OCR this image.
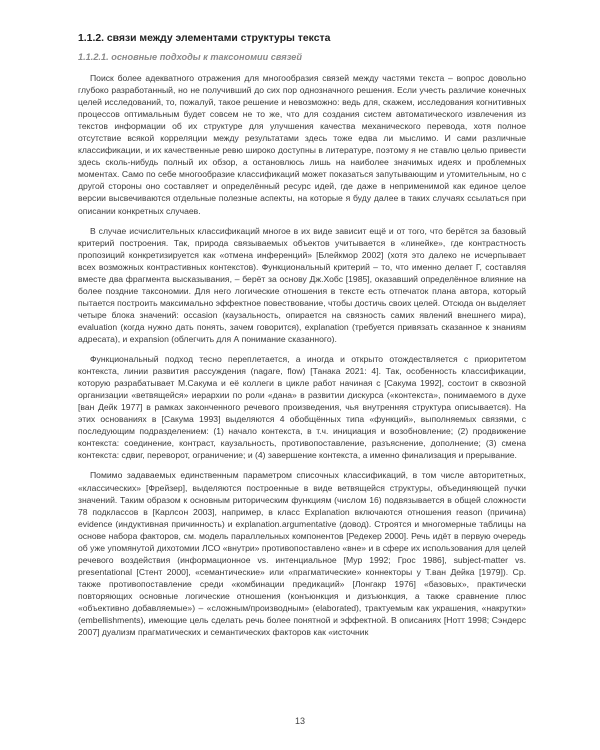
1.1.2. связи между элементами структуры текста
1.1.2.1. основные подходы к таксономии связей

Поиск более адекватного отражения для многообразия связей между частями текста – вопрос довольно глубоко разработанный, но не получивший до сих пор однозначного решения. Если учесть различие конечных целей исследований, то, пожалуй, такое решение и невозможно: ведь для, скажем, исследования когнитивных процессов оптимальным будет совсем не то же, что для создания систем автоматического извлечения из текстов информации об их структуре для улучшения качества механического перевода, хотя полное отсутствие всякой корреляции между результатами здесь тоже едва ли мыслимо. И сами различные классификации, и их качественные ревю широко доступны в литературе, поэтому я не ставлю целью привести здесь сколь-нибудь полный их обзор, а остановлюсь лишь на наиболее значимых идеях и проблемных моментах. Само по себе многообразие классификаций может показаться запутывающим и утомительным, но с другой стороны оно составляет и определённый ресурс идей, где даже в неприменимой как единое целое версии высвечиваются отдельные полезные аспекты, на которые я буду далее в таких случаях ссылаться при описании конкретных случаев.

В случае исчислительных классификаций многое в их виде зависит ещё и от того, что берётся за базовый критерий построения. Так, природа связываемых объектов учитывается в «линейке», где контрастность пропозиций конкретизируется как «отмена инференций» [Блейкмор 2002] (хотя это далеко не исчерпывает всех возможных контрастивных контекстов). Функциональный критерий – то, что именно делает Г, составляя вместе два фрагмента высказывания, – берёт за основу Дж.Хобс [1985], оказавший определённое влияние на более поздние таксономии. Для него логические отношения в тексте есть отпечаток плана автора, который пытается построить максимально эффектное повествование, чтобы достичь своих целей. Отсюда он выделяет четыре блока значений: occasion (каузальность, опирается на связность самих явлений внешнего мира), evaluation (когда нужно дать понять, зачем говорится), explanation (требуется привязать сказанное к знаниям адресата), и expansion (облегчить для А понимание сказанного).

Функциональный подход тесно переплетается, а иногда и открыто отождествляется с приоритетом контекста, линии развития рассуждения (nagare, flow) [Танака 2021: 4]. Так, особенность классификации, которую разрабатывает М.Сакума и её коллеги в цикле работ начиная с [Сакума 1992], состоит в сквозной организации «ветвящейся» иерархии по роли «дана» в развитии дискурса («контекста», понимаемого в духе [ван Дейк 1977] в рамках законченного речевого произведения, чья внутренняя структура описывается). На этих основаниях в [Сакума 1993] выделяются 4 обобщённых типа «функций», выполняемых связями, с последующим подразделением: (1) начало контекста, в т.ч. инициация и возобновление; (2) продвижение контекста: соединение, контраст, каузальность, противопоставление, разъяснение, дополнение; (3) смена контекста: сдвиг, переворот, ограничение; и (4) завершение контекста, а именно финализация и прерывание.

Помимо задаваемых единственным параметром списочных классификаций, в том числе авторитетных, «классических» [Фрейзер], выделяются построенные в виде ветвящейся структуры, объединяющей пучки значений. Таким образом к основным риторическим функциям (числом 16) подвязывается в общей сложности 78 подклассов в [Карлсон 2003], например, в класс Explanation включаются отношения reason (причина) evidence (индуктивная причинность) и explanation.argumentative (довод). Строятся и многомерные таблицы на основе набора факторов, см. модель параллельных компонентов [Редекер 2000]. Речь идёт в первую очередь об уже упомянутой дихотомии ЛСО «внутри» противопоставлено «вне» и в сфере их использования для целей речевого воздействия (информационное vs. интенциальное [Мур 1992; Грос 1986], subject-matter vs. presentational [Стент 2000], «семантические» или «прагматические» коннекторы у Т.ван Дейка [1979]). Ср. также противопоставление среди «комбинации предикаций» [Лонгакр 1976] «базовых», практически повторяющих основные логические отношения (конъюнкция и дизъюнкция, а также сравнение плюс «объективно добавляемые») – «сложным/производным» (elaborated), трактуемым как украшения, «накрутки» (embellishments), имеющие цель сделать речь более понятной и эффектной. В описаниях [Нотт 1998; Сэндерс 2007] дуализм прагматических и семантических факторов как «источник

13
